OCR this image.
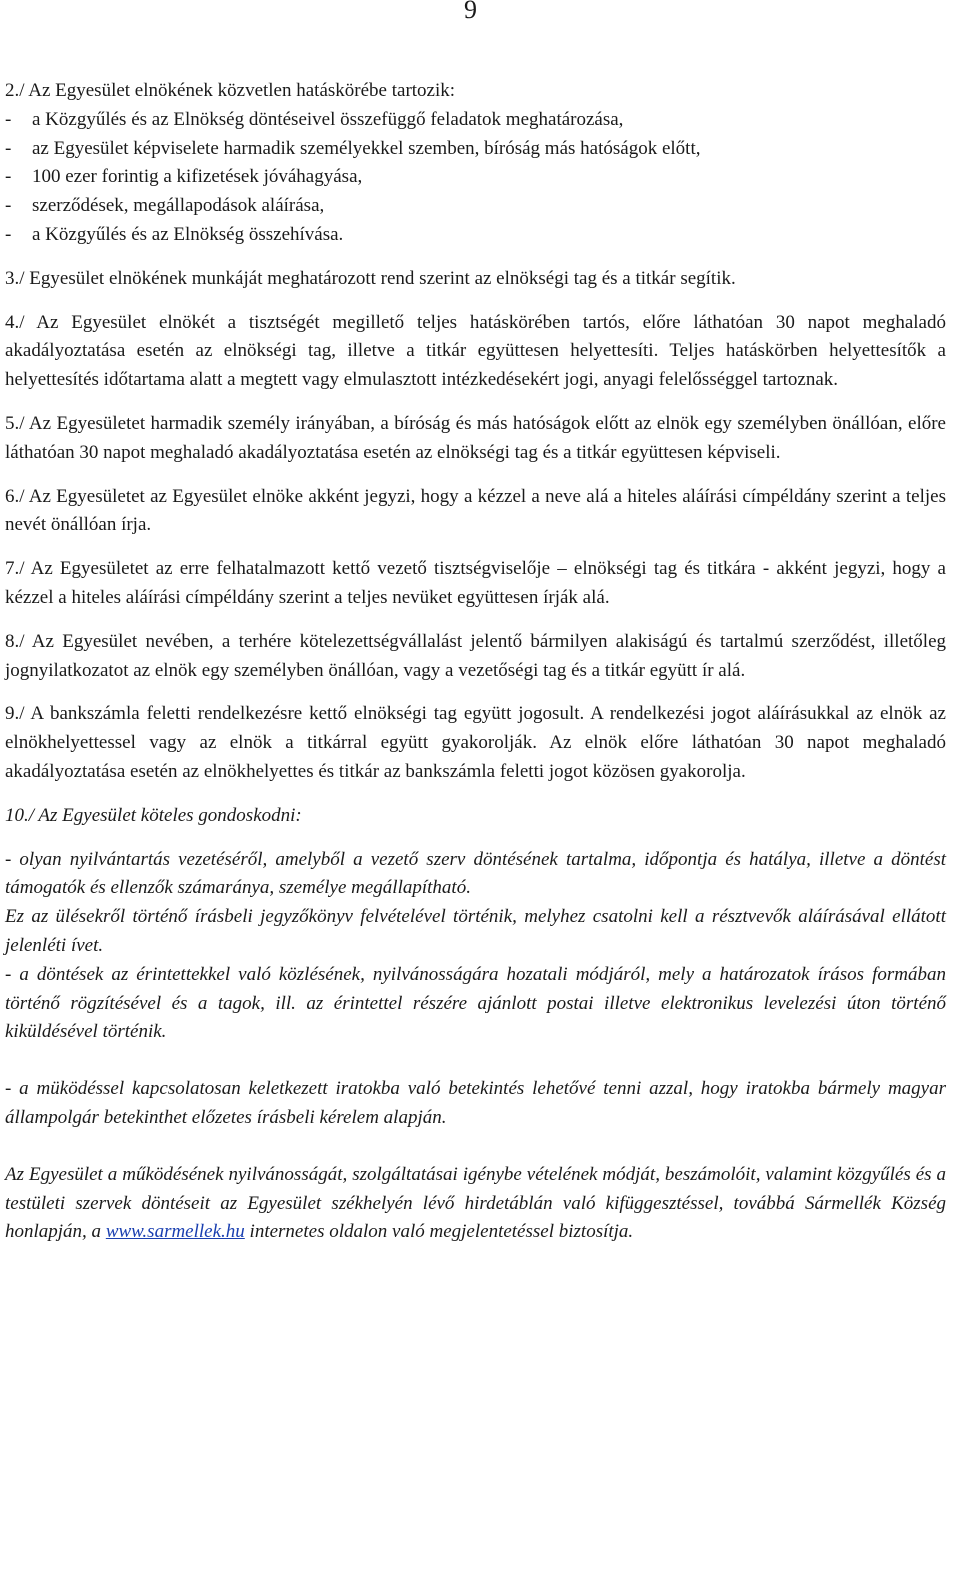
9

2./ Az Egyesület elnökének közvetlen hatáskörébe tartozik:

-	a Közgyűlés és az Elnökség döntéseivel összefüggő feladatok meghatározása,
-	az Egyesület képviselete harmadik személyekkel szemben, bíróság más hatóságok előtt,
-	100 ezer forintig a kifizetések jóváhagyása,
-	szerződések, megállapodások aláírása,
-	a Közgyűlés és az Elnökség összehívása.

3./ Egyesület elnökének munkáját meghatározott rend szerint az elnökségi tag és a titkár segítik.

4./ Az Egyesület elnökét a tisztségét megillető teljes hatáskörében tartós, előre láthatóan 30 napot meghaladó akadályoztatása esetén az elnökségi tag, illetve a titkár együttesen helyettesíti. Teljes hatáskörben helyettesítők a helyettesítés időtartama alatt a megtett vagy elmulasztott intézkedésekért jogi, anyagi felelősséggel tartoznak.

5./ Az Egyesületet harmadik személy irányában, a bíróság és más hatóságok előtt az elnök egy személyben önállóan, előre láthatóan 30 napot meghaladó akadályoztatása esetén az elnökségi tag és a titkár együttesen képviseli.

6./ Az Egyesületet az Egyesület elnöke akként jegyzi, hogy a kézzel a neve alá a hiteles aláírási címpéldány szerint a teljes nevét önállóan írja.

7./ Az Egyesületet az erre felhatalmazott kettő vezető tisztségviselője – elnökségi tag és titkára - akként jegyzi, hogy a kézzel a hiteles aláírási címpéldány szerint a teljes nevüket együttesen írják alá.

8./ Az Egyesület nevében, a terhére kötelezettségvállalást jelentő bármilyen alakiságú és tartalmú szerződést, illetőleg jognyilatkozatot az elnök egy személyben önállóan, vagy a vezetőségi tag és a titkár együtt ír alá.

9./ A bankszámla feletti rendelkezésre kettő elnökségi tag együtt jogosult. A rendelkezési jogot aláírásukkal az elnök az elnökhelyettessel vagy az elnök a titkárral együtt gyakorolják. Az elnök előre láthatóan 30 napot meghaladó akadályoztatása esetén az elnökhelyettes és titkár az bankszámla feletti jogot közösen gyakorolja.

10./ Az Egyesület köteles gondoskodni:

- olyan nyilvántartás vezetéséről, amelyből a vezető szerv döntésének tartalma, időpontja és hatálya, illetve a döntést támogatók és ellenzők számaránya, személye megállapítható.

Ez az ülésekről történő írásbeli jegyzőkönyv felvételével történik, melyhez csatolni kell a résztvevők aláírásával ellátott jelenléti ívet.

- a döntések az érintettekkel való közlésének, nyilvánosságára hozatali módjáról, mely a határozatok írásos formában történő rögzítésével és a tagok, ill. az érintettel részére ajánlott postai illetve elektronikus levelezési úton történő kiküldésével történik.

- a müködéssel kapcsolatosan keletkezett iratokba való betekintés lehetővé tenni azzal, hogy iratokba bármely magyar állampolgár betekinthet előzetes írásbeli kérelem alapján.

Az Egyesület a működésének nyilvánosságát, szolgáltatásai igénybe vételének módját, beszámolóit, valamint közgyűlés és a testületi szervek döntéseit az Egyesület székhelyén lévő hirdetáblán való kifüggesztéssel, továbbá Sármellék Község honlapján, a www.sarmellek.hu internetes oldalon való megjelentetéssel biztosítja.
